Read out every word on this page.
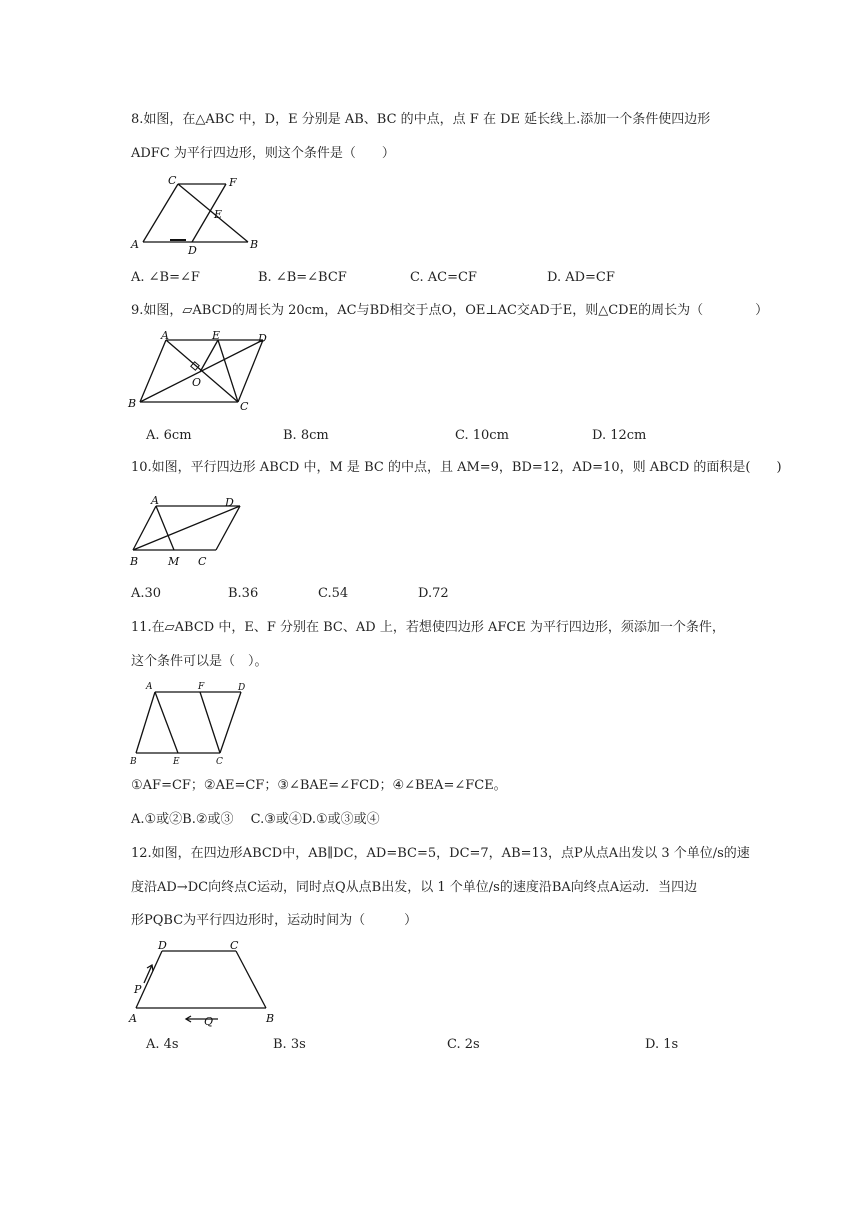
8.如图，在△ABC 中，D，E 分别是 AB、BC 的中点，点 F 在 DE 延长线上.添加一个条件使四边形
ADFC 为平行四边形，则这个条件是（　　）
C	F
E
A	D	B
A. ∠B=∠F	B. ∠B=∠BCF	C. AC=CF	D. AD=CF
9.如图，▱ABCD的周长为 20cm，AC与BD相交于点O，OE⊥AC交AD于E，则△CDE的周长为（　　　　）
A	E	D
O
B	C
A. 6cm	B. 8cm	C. 10cm	D. 12cm
10.如图，平行四边形 ABCD 中，M 是 BC 的中点，且 AM=9，BD=12，AD=10，则 ABCD 的面积是(　　)
A	D
B	M C
A.30	B.36	C.54	D.72
11.在▱ABCD 中，E、F 分别在 BC、AD 上，若想使四边形 AFCE 为平行四边形，须添加一个条件，
这个条件可以是（　）。
A	F	D
B	E	C
①AF=CF；②AE=CF；③∠BAE=∠FCD；④∠BEA=∠FCE。
A.①或②B.②或③　 C.③或④D.①或③或④
12.如图，在四边形ABCD中，AB∥DC，AD=BC=5，DC=7，AB=13，点P从点A出发以 3 个单位/s的速
度沿AD→DC向终点C运动，同时点Q从点B出发，以 1 个单位/s的速度沿BA向终点A运动．当四边
形PQBC为平行四边形时，运动时间为（　　　）
D	C
P
A	Q	B
A. 4s	B. 3s	C. 2s	D. 1s
